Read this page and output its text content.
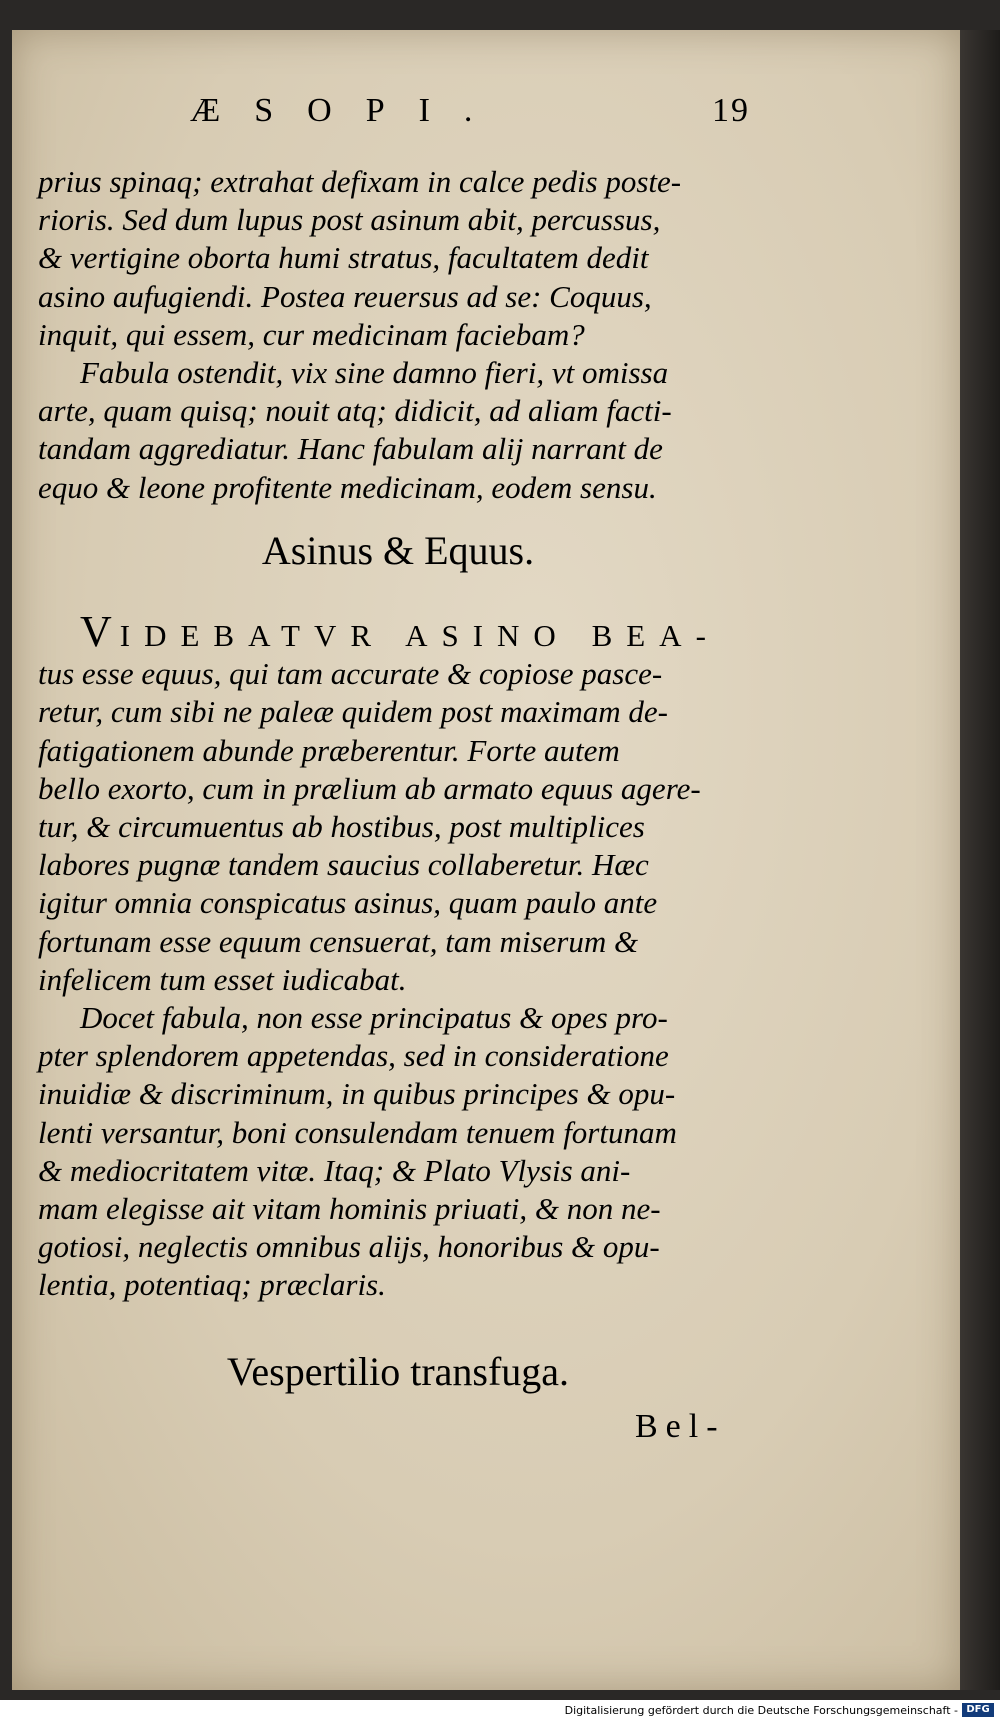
ÆSOPI.	19
prius spinaq; extrahat defixam in calce pedis poste-
rioris. Sed dum lupus post asinum abit, percussus,
& vertigine oborta humi stratus, facultatem dedit
asino aufugiendi. Postea reuersus ad se: Coquus,
inquit, qui essem, cur medicinam faciebam?
Fabula ostendit, vix sine damno fieri, vt omissa
arte, quam quisq; nouit atq; didicit, ad aliam facti-
tandam aggrediatur. Hanc fabulam alij narrant de
equo & leone profitente medicinam, eodem sensu.
Asinus & Equus.
VIDEBATVR ASINO BEA-
tus esse equus, qui tam accurate & copiose pasce-
retur, cum sibi ne paleæ quidem post maximam de-
fatigationem abunde præberentur. Forte autem
bello exorto, cum in prælium ab armato equus agere-
tur, & circumuentus ab hostibus, post multiplices
labores pugnæ tandem saucius collaberetur. Hæc
igitur omnia conspicatus asinus, quam paulo ante
fortunam esse equum censuerat, tam miserum &
infelicem tum esset iudicabat.
Docet fabula, non esse principatus & opes pro-
pter splendorem appetendas, sed in consideratione
inuidiæ & discriminum, in quibus principes & opu-
lenti versantur, boni consulendam tenuem fortunam
& mediocritatem vitæ. Itaq; & Plato Vlysis ani-
mam elegisse ait vitam hominis priuati, & non ne-
gotiosi, neglectis omnibus alijs, honoribus & opu-
lentia, potentiaq; præclaris.
Vespertilio transfuga.
Bel-
Digitalisierung gefördert durch die Deutsche Forschungsgemeinschaft - DFG
